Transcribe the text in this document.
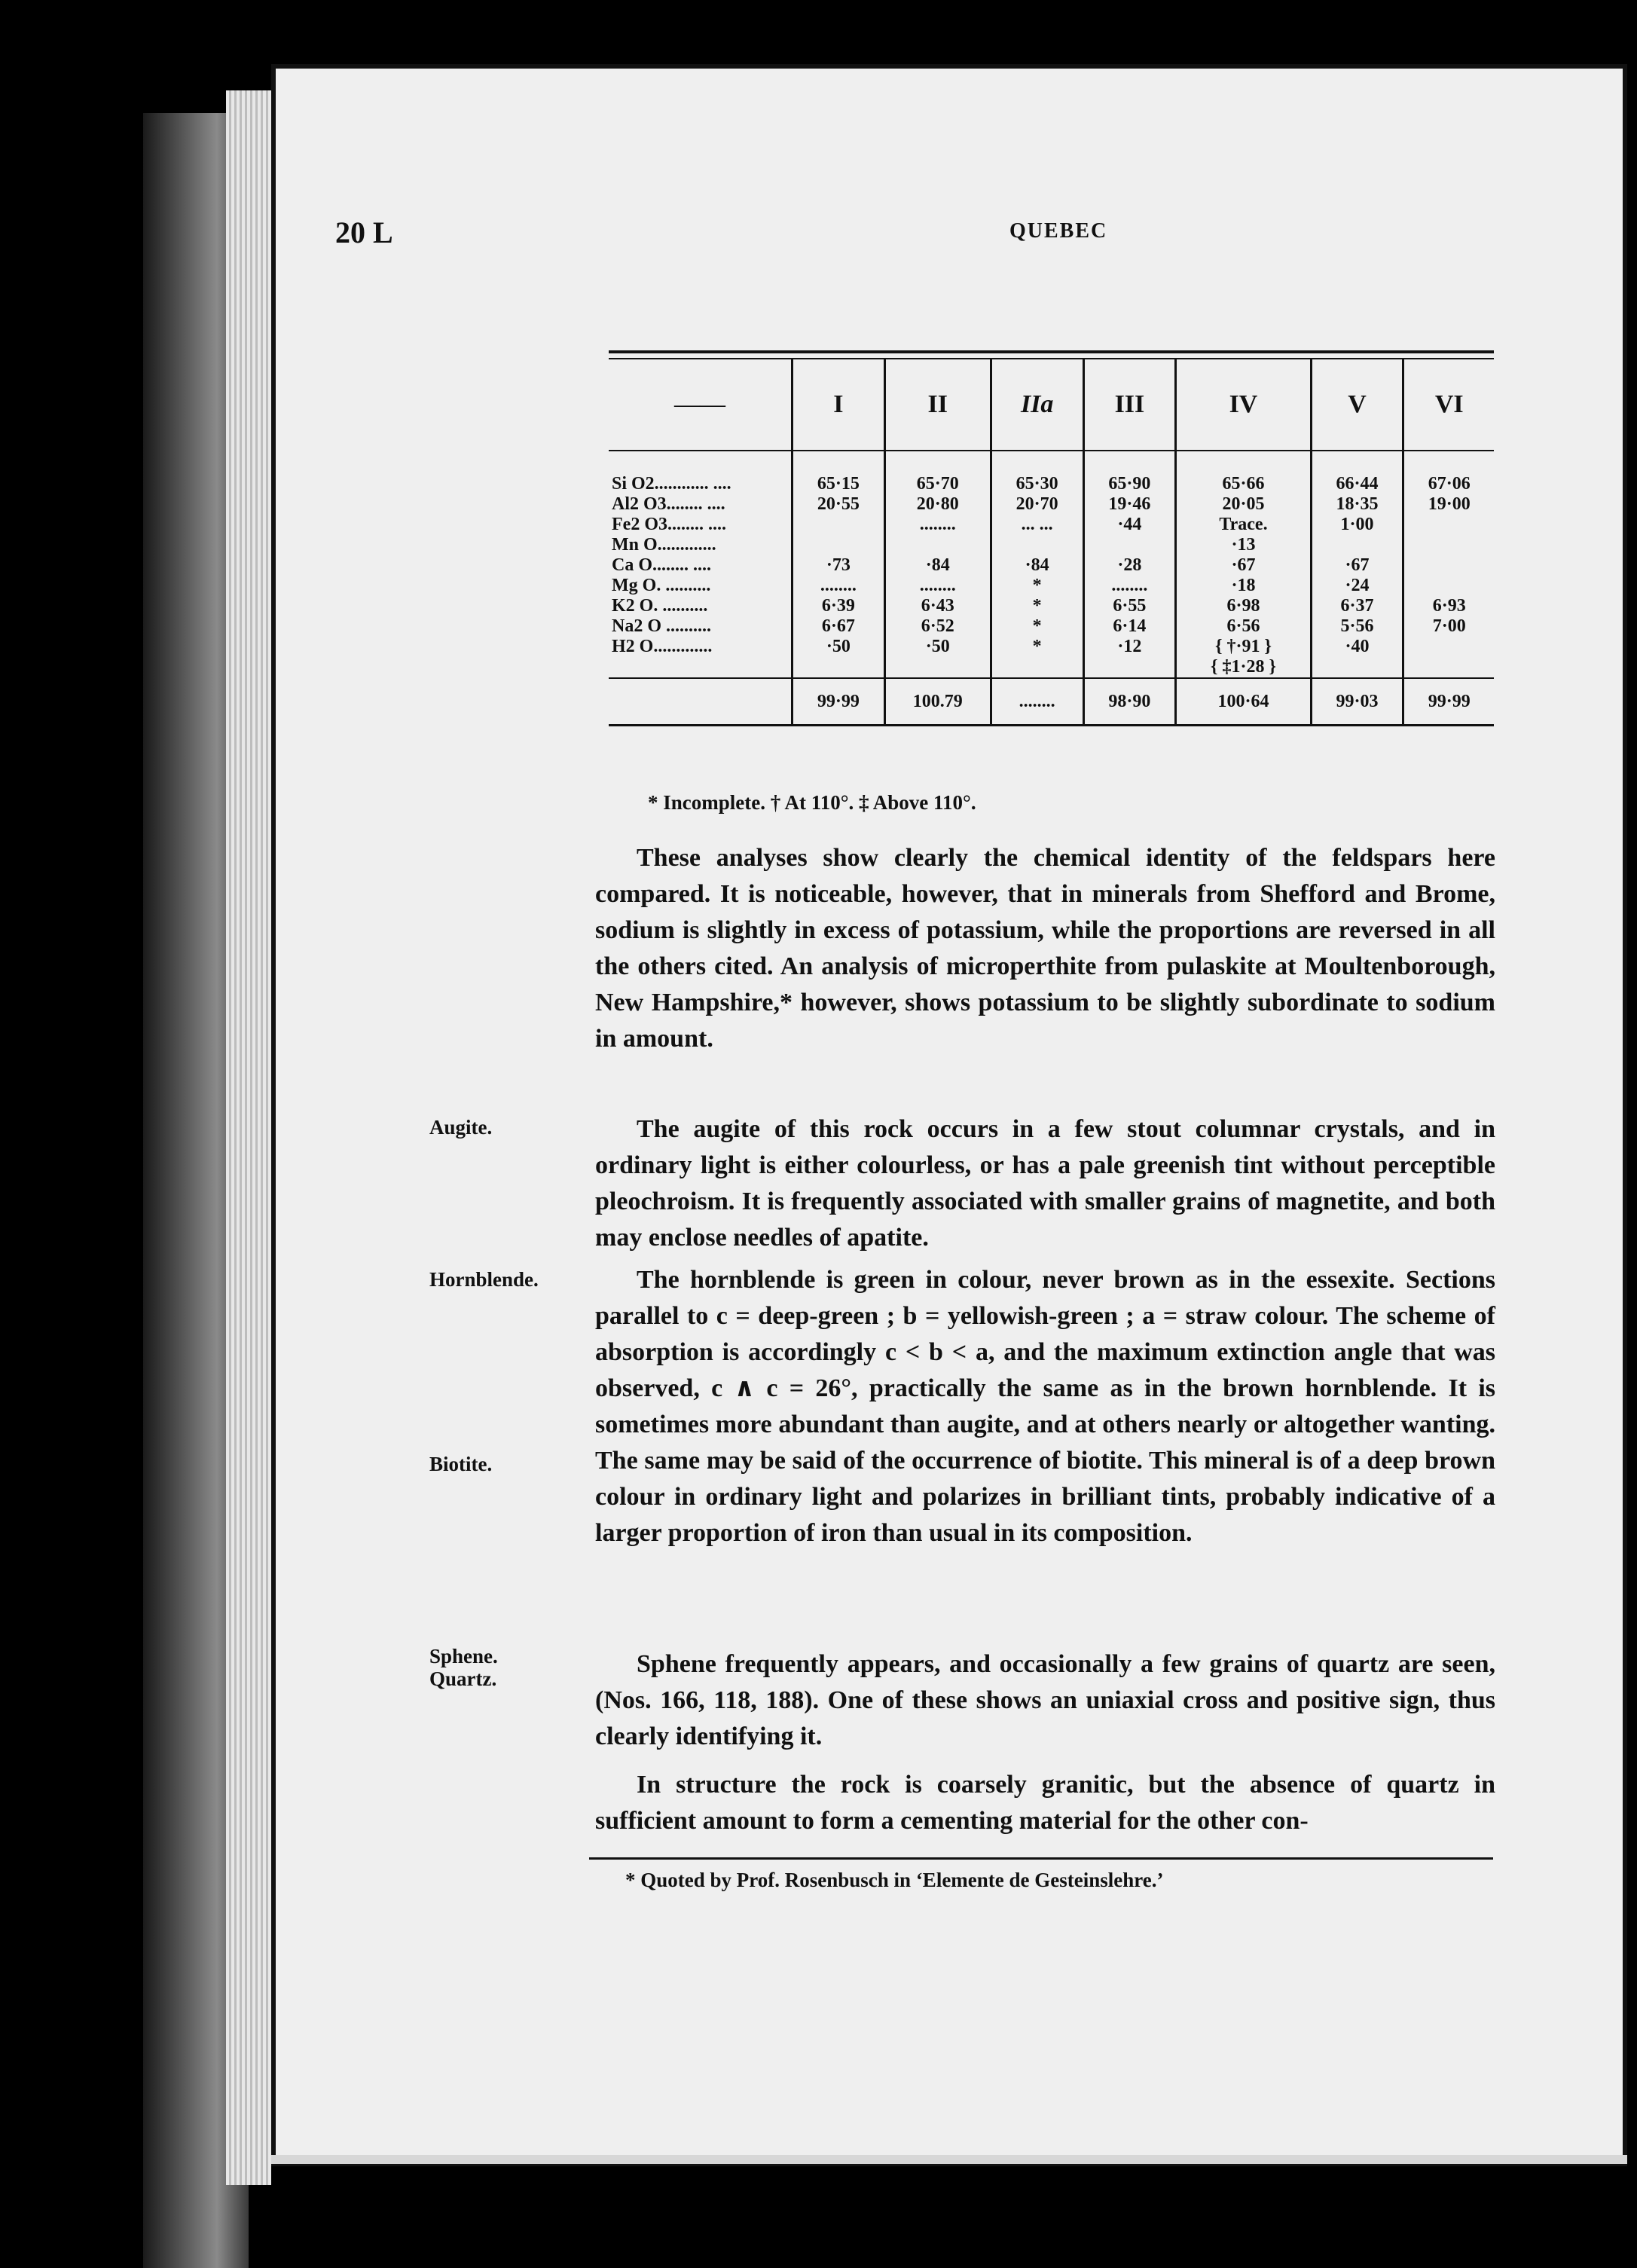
20 L	QUEBEC
——	I	II	IIa	III	IV	V	VI
Si O2............ ....	65·15	65·70	65·30	65·90	65·66	66·44	67·06
Al2 O3........ ....	20·55	20·80	20·70	19·46	20·05	18·35	19·00
Fe2 O3........ ....		........	... ...	·44	Trace.	1·00	
Mn O.............					·13		
Ca O........ ....	·73	·84	·84	·28	·67	·67	
Mg O. ..........	........	........	*	........	·18	·24	
K2 O. ..........	6·39	6·43	*	6·55	6·98	6·37	6·93
Na2 O ..........	6·67	6·52	*	6·14	6·56	5·56	7·00
H2 O.............	·50	·50	*	·12	{ †·91 }	·40	
					{ ‡1·28 }		
	99·99	100.79	........	98·90	100·64	99·03	99·99
* Incomplete. † At 110°. ‡ Above 110°.

These analyses show clearly the chemical identity of the feldspars here compared. It is noticeable, however, that in minerals from Shefford and Brome, sodium is slightly in excess of potassium, while the proportions are reversed in all the others cited. An analysis of microperthite from pulaskite at Moultenborough, New Hampshire,* however, shows potassium to be slightly subordinate to sodium in amount.

Augite.	The augite of this rock occurs in a few stout columnar crystals, and in ordinary light is either colourless, or has a pale greenish tint without perceptible pleochroism. It is frequently associated with smaller grains of magnetite, and both may enclose needles of apatite.

Hornblende.
Biotite.

The hornblende is green in colour, never brown as in the essexite. Sections parallel to c = deep-green ; b = yellowish-green ; a = straw colour. The scheme of absorption is accordingly c < b < a, and the maximum extinction angle that was observed, c ∧ c = 26°, practically the same as in the brown hornblende. It is sometimes more abundant than augite, and at others nearly or altogether wanting. The same may be said of the occurrence of biotite. This mineral is of a deep brown colour in ordinary light and polarizes in brilliant tints, probably indicative of a larger proportion of iron than usual in its composition.

Sphene.
Quartz.

Sphene frequently appears, and occasionally a few grains of quartz are seen, (Nos. 166, 118, 188). One of these shows an uniaxial cross and positive sign, thus clearly identifying it.

In structure the rock is coarsely granitic, but the absence of quartz in sufficient amount to form a cementing material for the other con-

* Quoted by Prof. Rosenbusch in ‘Elemente de Gesteinslehre.’
